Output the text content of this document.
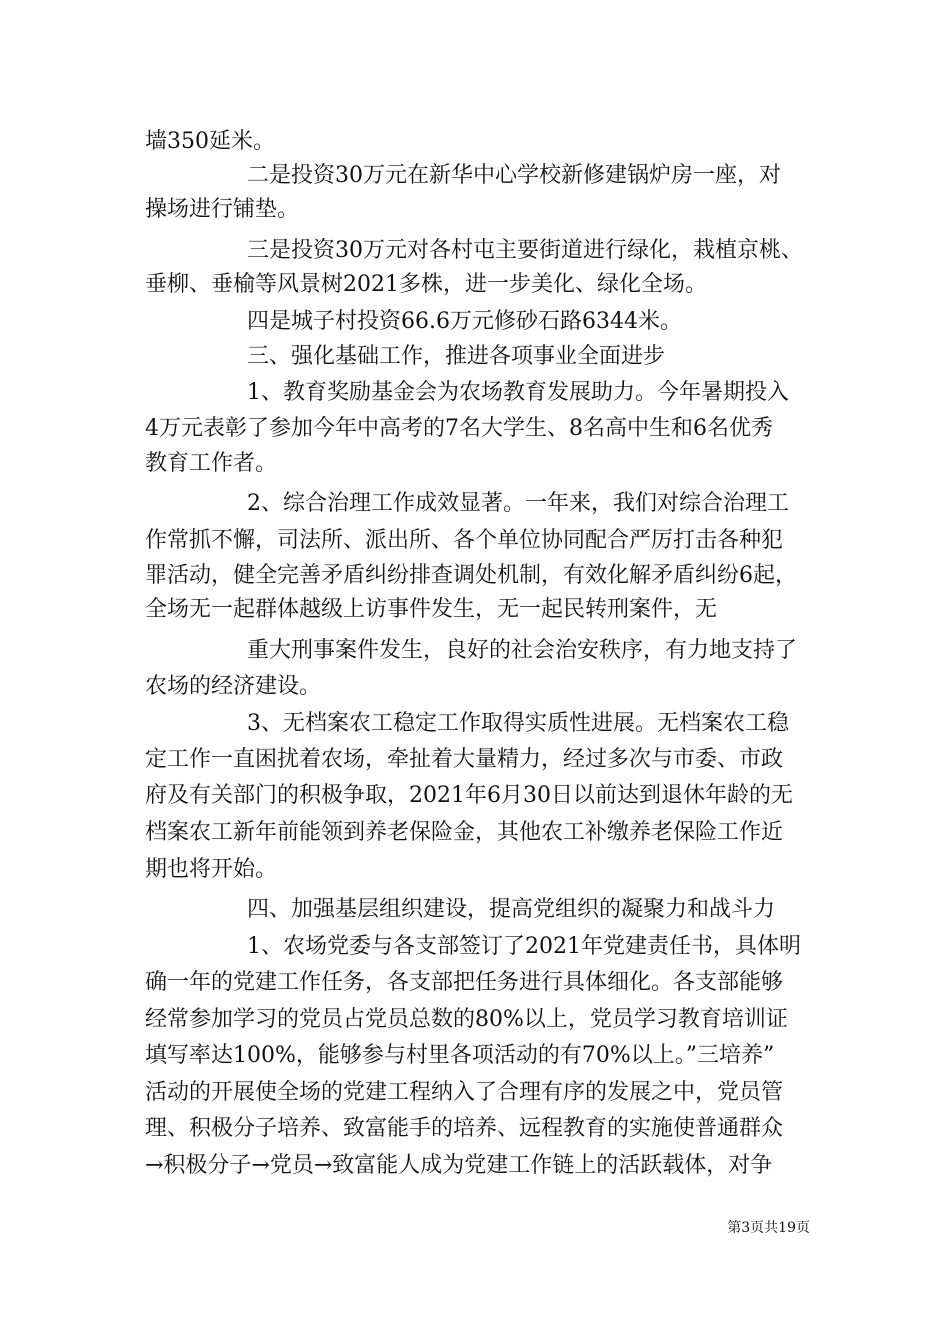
墙350延米。
二是投资30万元在新华中心学校新修建锅炉房一座，对
操场进行铺垫。
三是投资30万元对各村屯主要街道进行绿化，栽植京桃、
垂柳、垂榆等风景树2021多株，进一步美化、绿化全场。
四是城子村投资66.6万元修砂石路6344米。
三、强化基础工作，推进各项事业全面进步
1、教育奖励基金会为农场教育发展助力。今年暑期投入
4万元表彰了参加今年中高考的7名大学生、8名高中生和6名优秀
教育工作者。
2、综合治理工作成效显著。一年来，我们对综合治理工
作常抓不懈，司法所、派出所、各个单位协同配合严厉打击各种犯
罪活动，健全完善矛盾纠纷排查调处机制，有效化解矛盾纠纷6起，
全场无一起群体越级上访事件发生，无一起民转刑案件，无
重大刑事案件发生，良好的社会治安秩序，有力地支持了
农场的经济建设。
3、无档案农工稳定工作取得实质性进展。无档案农工稳
定工作一直困扰着农场，牵扯着大量精力，经过多次与市委、市政
府及有关部门的积极争取，2021年6月30日以前达到退休年龄的无
档案农工新年前能领到养老保险金，其他农工补缴养老保险工作近
期也将开始。
四、加强基层组织建设，提高党组织的凝聚力和战斗力
1、农场党委与各支部签订了2021年党建责任书，具体明
确一年的党建工作任务，各支部把任务进行具体细化。各支部能够
经常参加学习的党员占党员总数的80%以上，党员学习教育培训证
填写率达100%，能够参与村里各项活动的有70%以上。”三培养”
活动的开展使全场的党建工程纳入了合理有序的发展之中，党员管
理、积极分子培养、致富能手的培养、远程教育的实施使普通群众
→积极分子→党员→致富能人成为党建工作链上的活跃载体，对争
第3页共19页
